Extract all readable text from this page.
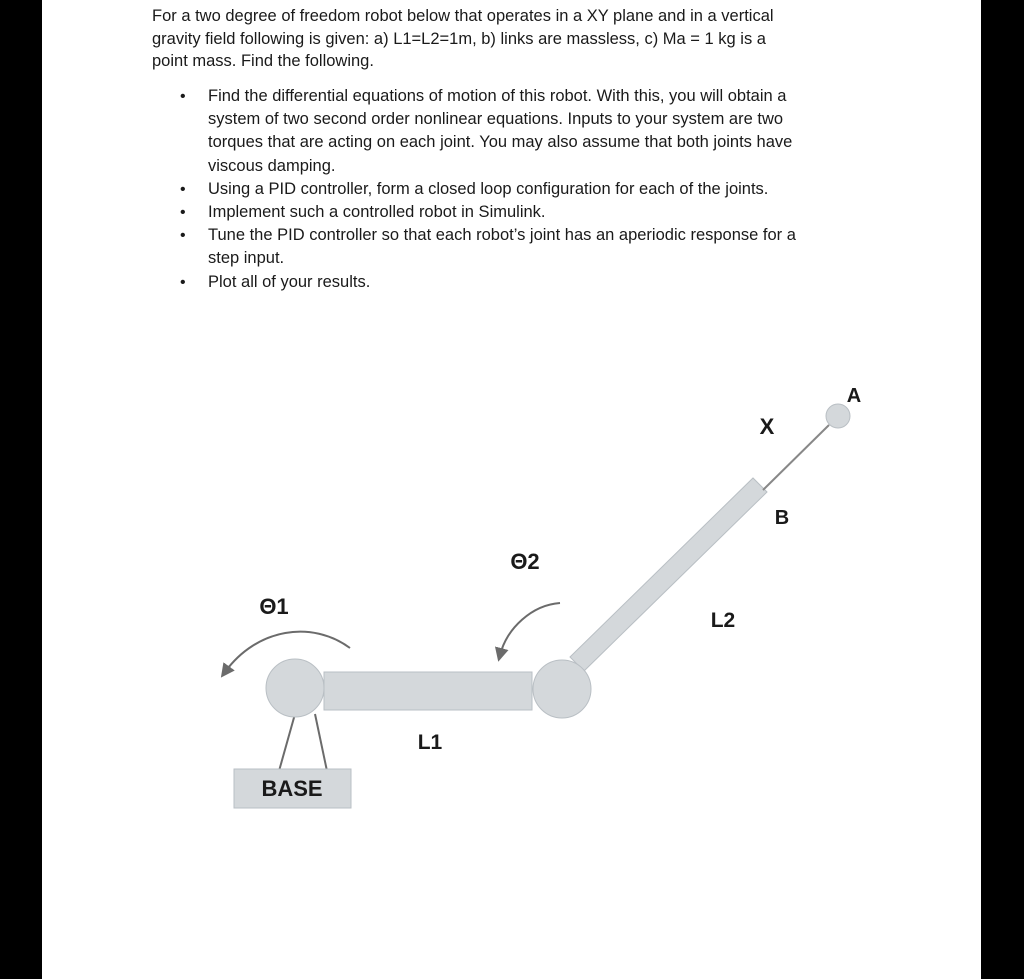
For a two degree of freedom robot below that operates in a XY plane and in a vertical
gravity field following is given: a) L1=L2=1m, b) links are massless, c) Ma = 1 kg is a
point mass. Find the following.

• Find the differential equations of motion of this robot. With this, you will obtain a
system of two second order nonlinear equations. Inputs to your system are two
torques that are acting on each joint. You may also assume that both joints have
viscous damping.
• Using a PID controller, form a closed loop configuration for each of the joints.
• Implement such a controlled robot in Simulink.
• Tune the PID controller so that each robot’s joint has an aperiodic response for a
step input.
• Plot all of your results.
BASE
Θ1
Θ2
L1
L2
B
X
A
